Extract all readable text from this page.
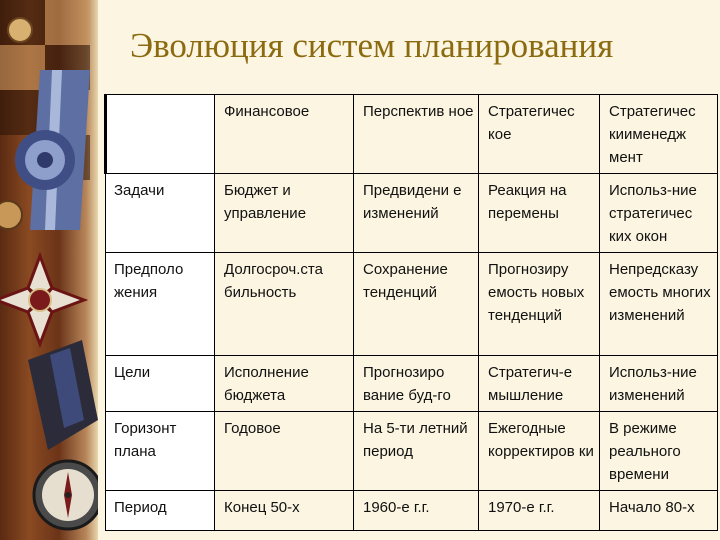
Эволюция систем планирования
	Финансовое	Перспектив ное	Стратегичес кое	Стратегичес киименедж мент
Задачи	Бюджет и управление	Предвидени е изменений	Реакция на перемены	Использ-ние стратегичес ких окон
Предполо жения	Долгосроч.ста бильность	Сохранение тенденций	Прогнозиру емость новых тенденций	Непредсказу емость многих изменений
Цели	Исполнение бюджета	Прогнозиро вание буд-го	Стратегич-е мышление	Использ-ние изменений
Горизонт плана	Годовое	На 5-ти летний период	Ежегодные корректиров ки	В режиме реального времени
Период	Конец 50-х	1960-е г.г.	1970-е г.г.	Начало 80-х
